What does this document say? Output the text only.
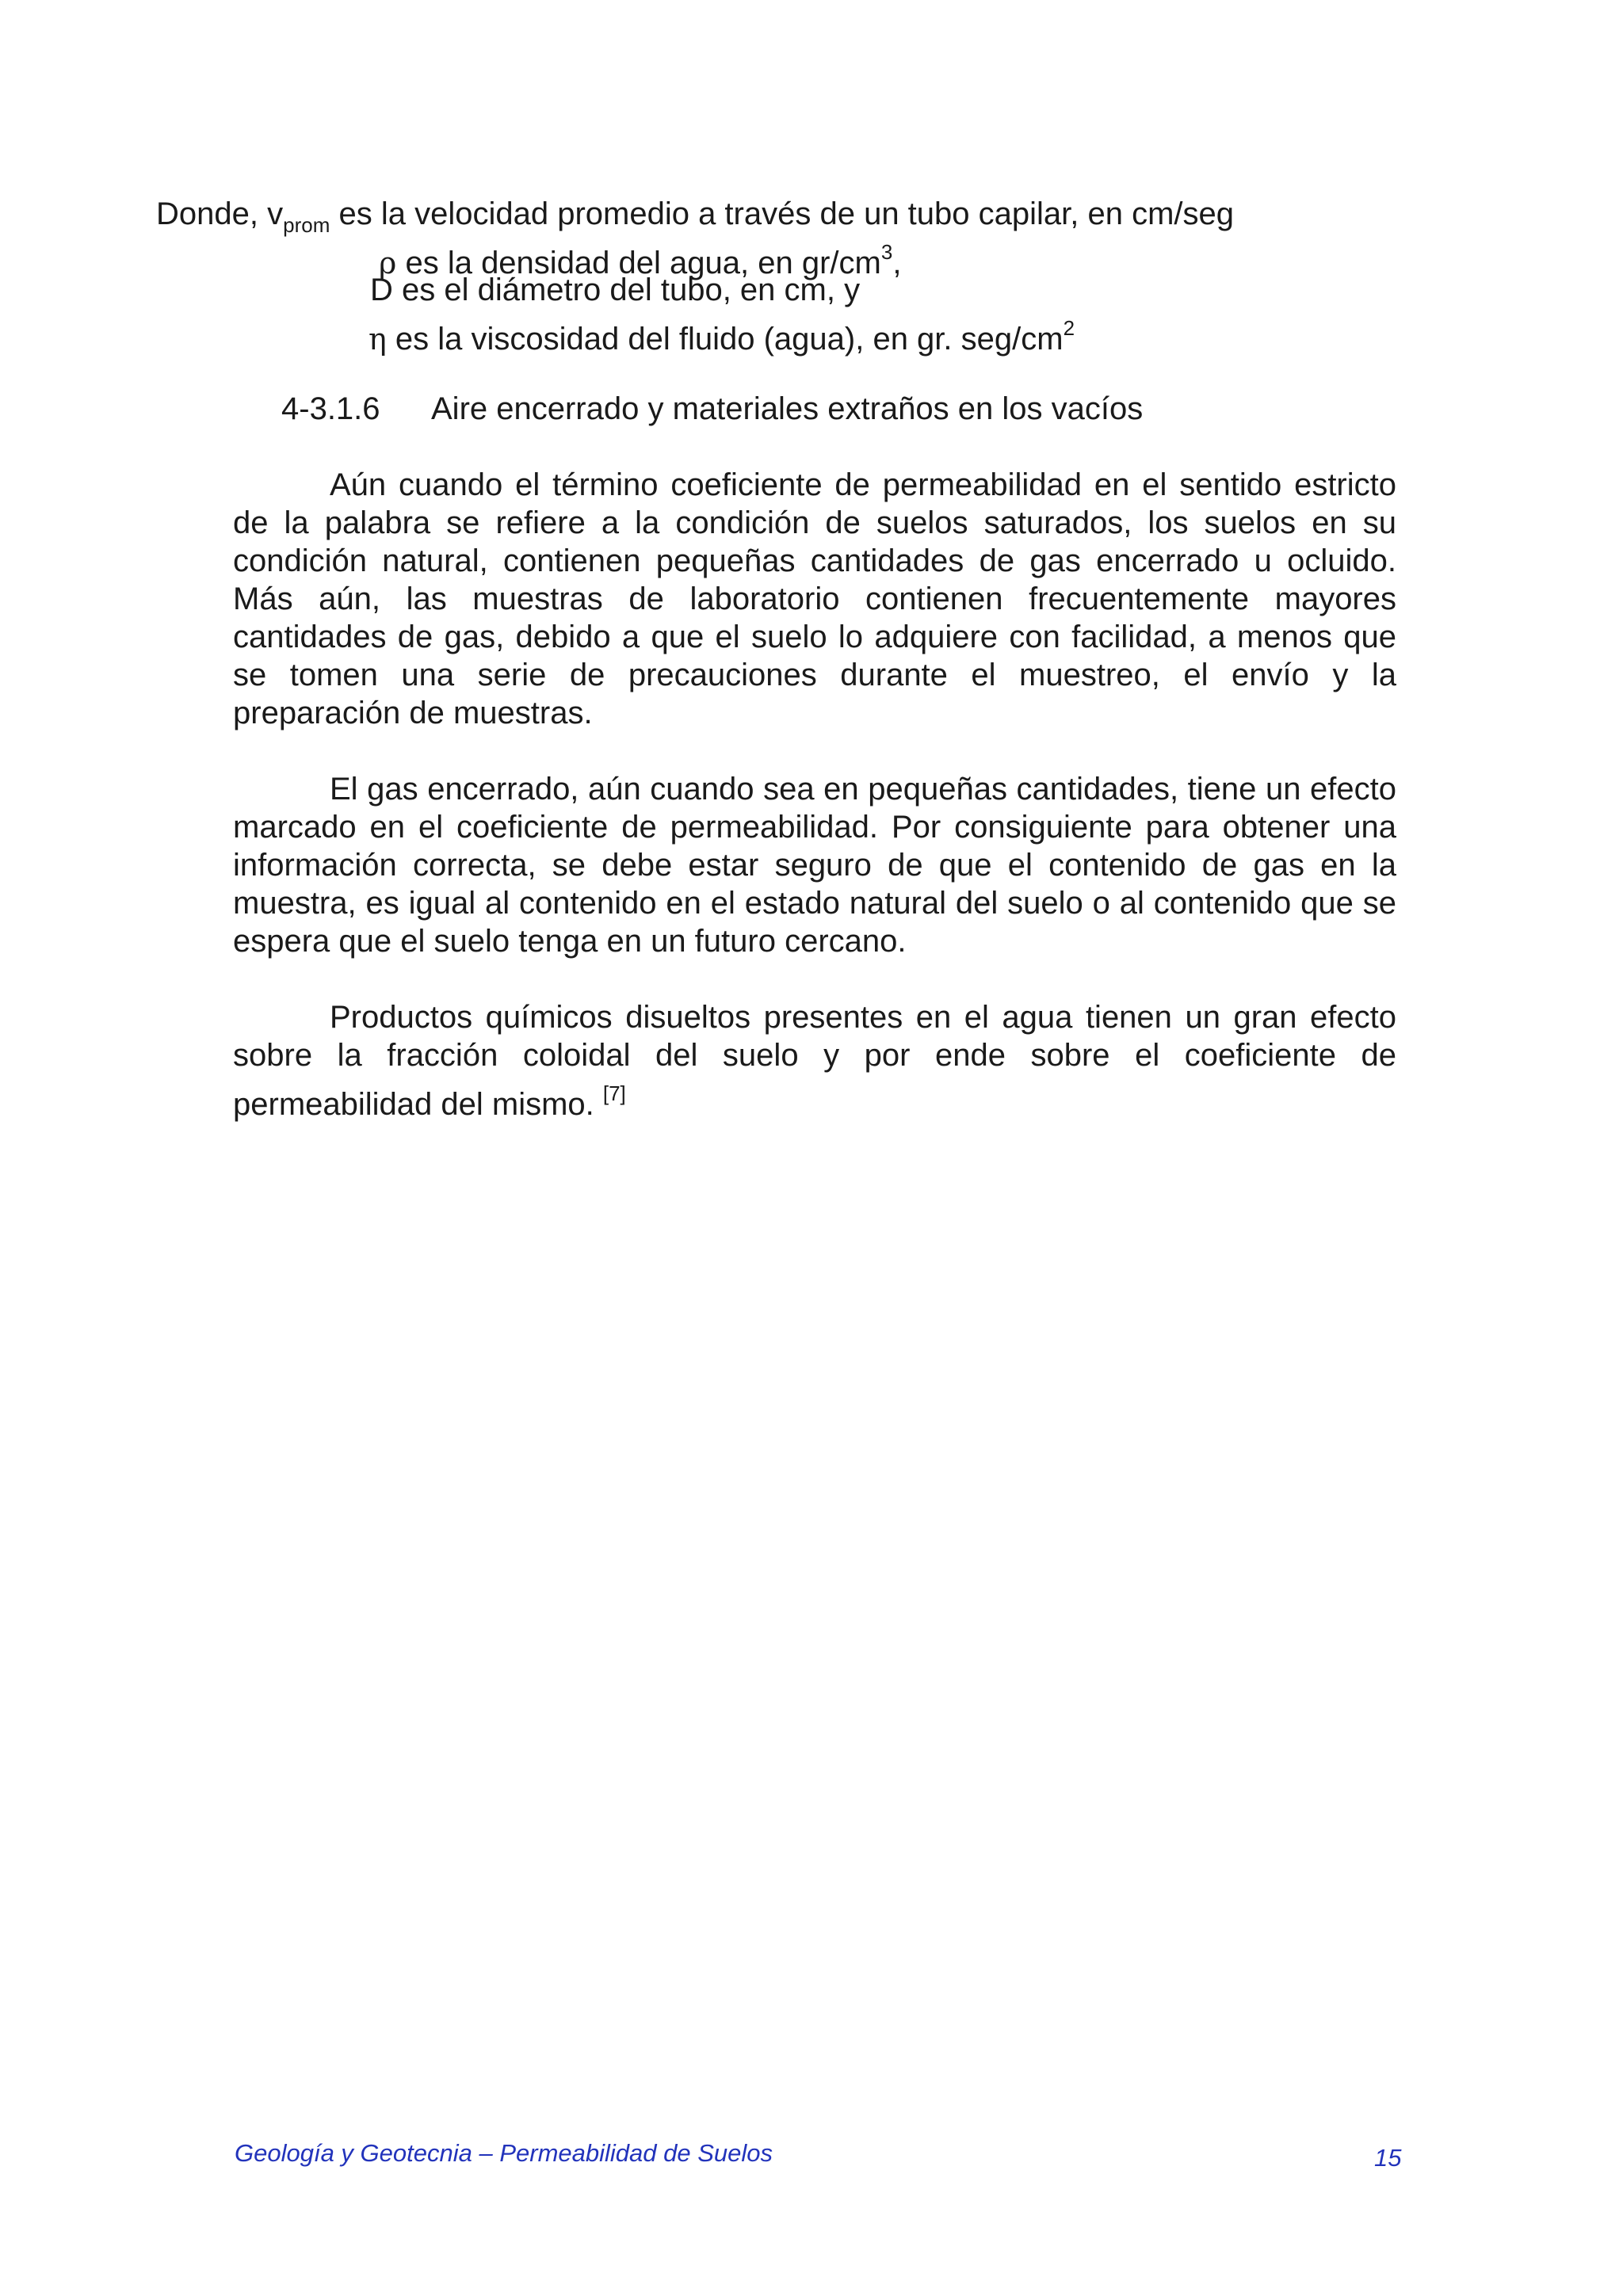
Donde, $v_{prom}$ es la velocidad promedio a través de un tubo capilar, en cm/seg
ρ es la densidad del agua, en $gr/cm^3$,
D es el diámetro del tubo, en cm, y
η es la viscosidad del fluido (agua), en gr. seg/$cm^2$
4-3.1.6 Aire encerrado y materiales extraños en los vacíos

Aún cuando el término coeficiente de permeabilidad en el sentido estricto de la palabra se refiere a la condición de suelos saturados, los suelos en su condición natural, contienen pequeñas cantidades de gas encerrado u ocluido. Más aún, las muestras de laboratorio contienen frecuentemente mayores cantidades de gas, debido a que el suelo lo adquiere con facilidad, a menos que se tomen una serie de precauciones durante el muestreo, el envío y la preparación de muestras.

El gas encerrado, aún cuando sea en pequeñas cantidades, tiene un efecto marcado en el coeficiente de permeabilidad. Por consiguiente para obtener una información correcta, se debe estar seguro de que el contenido de gas en la muestra, es igual al contenido en el estado natural del suelo o al contenido que se espera que el suelo tenga en un futuro cercano.

Productos químicos disueltos presentes en el agua tienen un gran efecto sobre la fracción coloidal del suelo y por ende sobre el coeficiente de permeabilidad del mismo. [7]

Geología y Geotecnia – Permeabilidad de Suelos	15
